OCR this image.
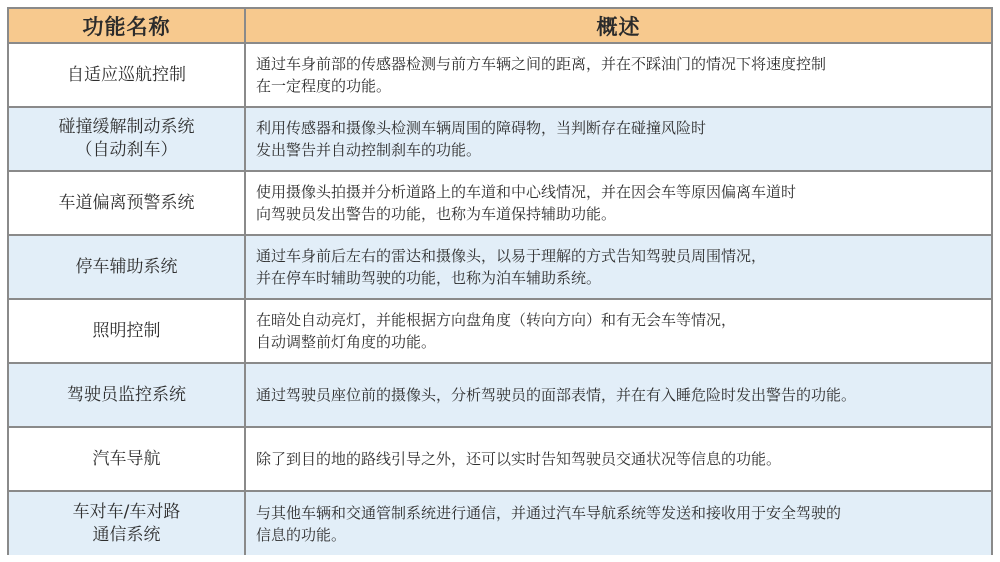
功能名称	概述

自适应巡航控制	通过车身前部的传感器检测与前方车辆之间的距离，并在不踩油门的情况下将速度控制
在一定程度的功能。

碰撞缓解制动系统
（自动刹车）	利用传感器和摄像头检测车辆周围的障碍物，当判断存在碰撞风险时
发出警告并自动控制刹车的功能。

车道偏离预警系统	使用摄像头拍摄并分析道路上的车道和中心线情况，并在因会车等原因偏离车道时
向驾驶员发出警告的功能，也称为车道保持辅助功能。

停车辅助系统	通过车身前后左右的雷达和摄像头，以易于理解的方式告知驾驶员周围情况，
并在停车时辅助驾驶的功能，也称为泊车辅助系统。

照明控制	在暗处自动亮灯，并能根据方向盘角度（转向方向）和有无会车等情况，
自动调整前灯角度的功能。

驾驶员监控系统	通过驾驶员座位前的摄像头，分析驾驶员的面部表情，并在有入睡危险时发出警告的功能。

汽车导航	除了到目的地的路线引导之外，还可以实时告知驾驶员交通状况等信息的功能。

车对车/车对路
通信系统	与其他车辆和交通管制系统进行通信，并通过汽车导航系统等发送和接收用于安全驾驶的
信息的功能。
